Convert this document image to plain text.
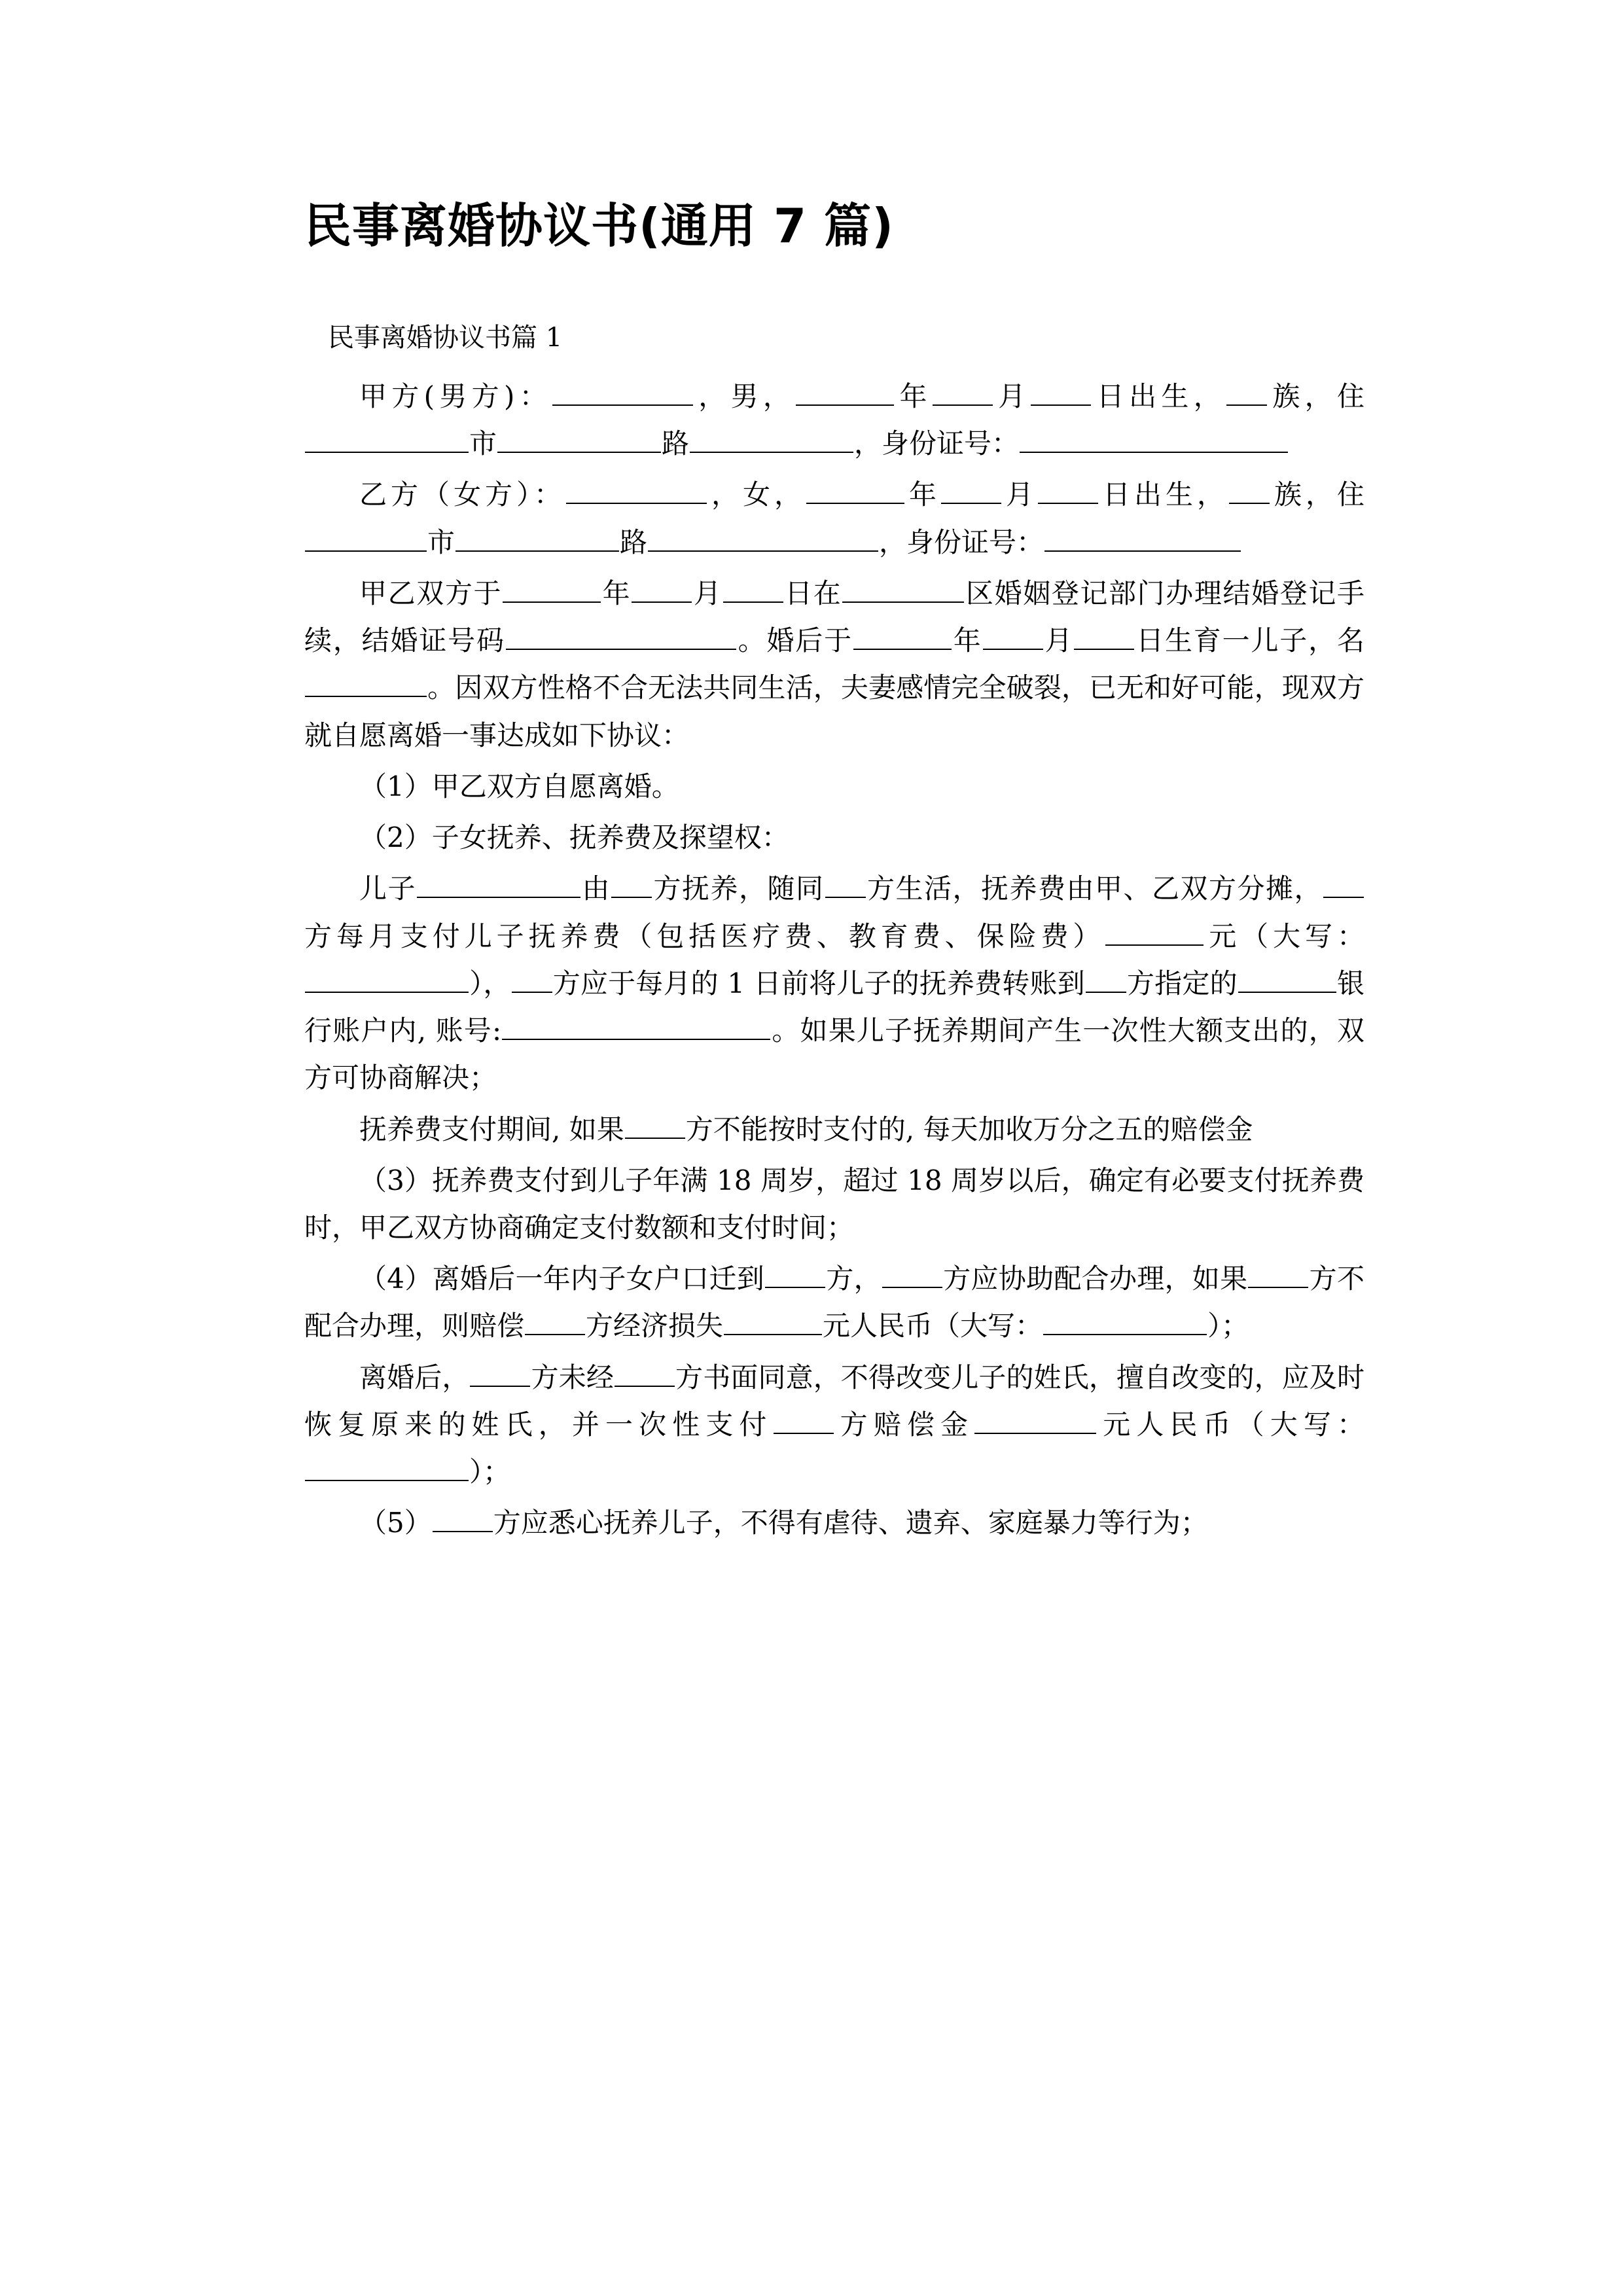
民事离婚协议书(通用 7 篇)

民事离婚协议书篇 1

甲方(男方)：	，男，	年 月 日出生， 族，住市	路	，身份证号：

乙方（女方）：	，女，	年 月 日出生， 族，住市	路	，身份证号：

甲乙双方于	年 月 日在	区婚姻登记部门办理结婚登记手续，结婚证号码	。婚后于	年 月 日生育一儿子，名。因双方性格不合无法共同生活，夫妻感情完全破裂，已无和好可能，现双方就自愿离婚一事达成如下协议：

（1）甲乙双方自愿离婚。

（2）子女抚养、抚养费及探望权：

儿子	由 方抚养，随同 方生活，抚养费由甲、乙双方分摊，方每月支付儿子抚养费（包括医疗费、教育费、保险费）	元（大写：）， 方应于每月的 1 日前将儿子的抚养费转账到 方指定的	银行账户内, 账号:	。如果儿子抚养期间产生一次性大额支出的，双方可协商解决；

抚养费支付期间, 如果 方不能按时支付的, 每天加收万分之五的赔偿金

（3）抚养费支付到儿子年满 18 周岁，超过 18 周岁以后，确定有必要支付抚养费时，甲乙双方协商确定支付数额和支付时间；

（4）离婚后一年内子女户口迁到 方， 方应协助配合办理，如果 方不配合办理，则赔偿 方经济损失	元人民币（大写：	）；

离婚后， 方未经 方书面同意，不得改变儿子的姓氏，擅自改变的，应及时恢复原来的姓氏，并一次性支付 方赔偿金	元人民币（大写：）；

（5） 方应悉心抚养儿子，不得有虐待、遗弃、家庭暴力等行为；
